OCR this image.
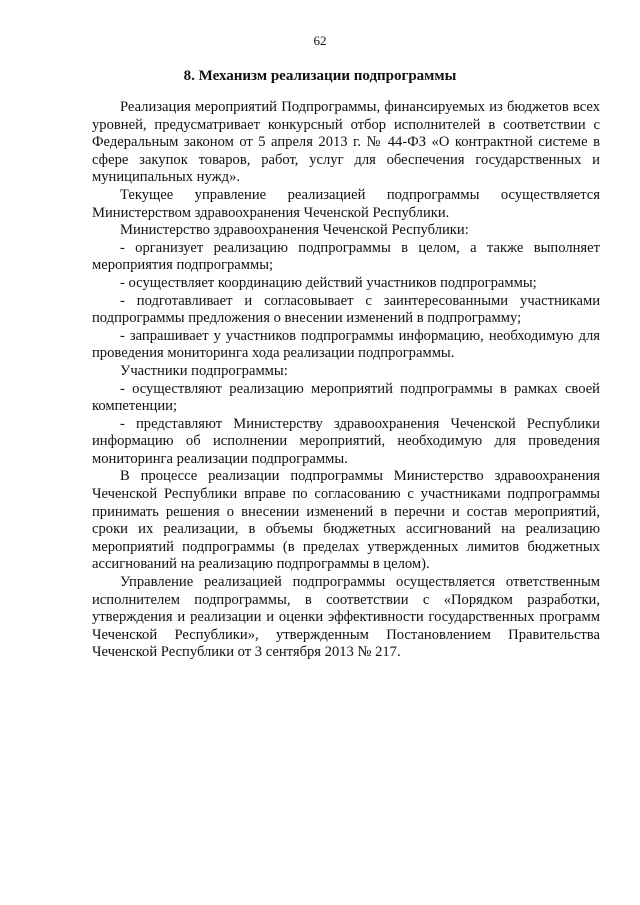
62
8. Механизм реализации подпрограммы

Реализация мероприятий Подпрограммы, финансируемых из бюджетов всех уровней, предусматривает конкурсный отбор исполнителей в соответствии с Федеральным законом от 5 апреля 2013 г. № 44-ФЗ «О контрактной системе в сфере закупок товаров, работ, услуг для обеспечения государственных и муниципальных нужд».

Текущее управление реализацией подпрограммы осуществляется Министерством здравоохранения Чеченской Республики.

Министерство здравоохранения Чеченской Республики:

- организует реализацию подпрограммы в целом, а также выполняет мероприятия подпрограммы;

- осуществляет координацию действий участников подпрограммы;

- подготавливает и согласовывает с заинтересованными участниками подпрограммы предложения о внесении изменений в подпрограмму;

- запрашивает у участников подпрограммы информацию, необходимую для проведения мониторинга хода реализации подпрограммы.

Участники подпрограммы:

- осуществляют реализацию мероприятий подпрограммы в рамках своей компетенции;

- представляют Министерству здравоохранения Чеченской Республики информацию об исполнении мероприятий, необходимую для проведения мониторинга реализации подпрограммы.

В процессе реализации подпрограммы Министерство здравоохранения Чеченской Республики вправе по согласованию с участниками подпрограммы принимать решения о внесении изменений в перечни и состав мероприятий, сроки их реализации, в объемы бюджетных ассигнований на реализацию мероприятий подпрограммы (в пределах утвержденных лимитов бюджетных ассигнований на реализацию подпрограммы в целом).

Управление реализацией подпрограммы осуществляется ответственным исполнителем подпрограммы, в соответствии с «Порядком разработки, утверждения и реализации и оценки эффективности государственных программ Чеченской Республики», утвержденным Постановлением Правительства Чеченской Республики от 3 сентября 2013 № 217.
